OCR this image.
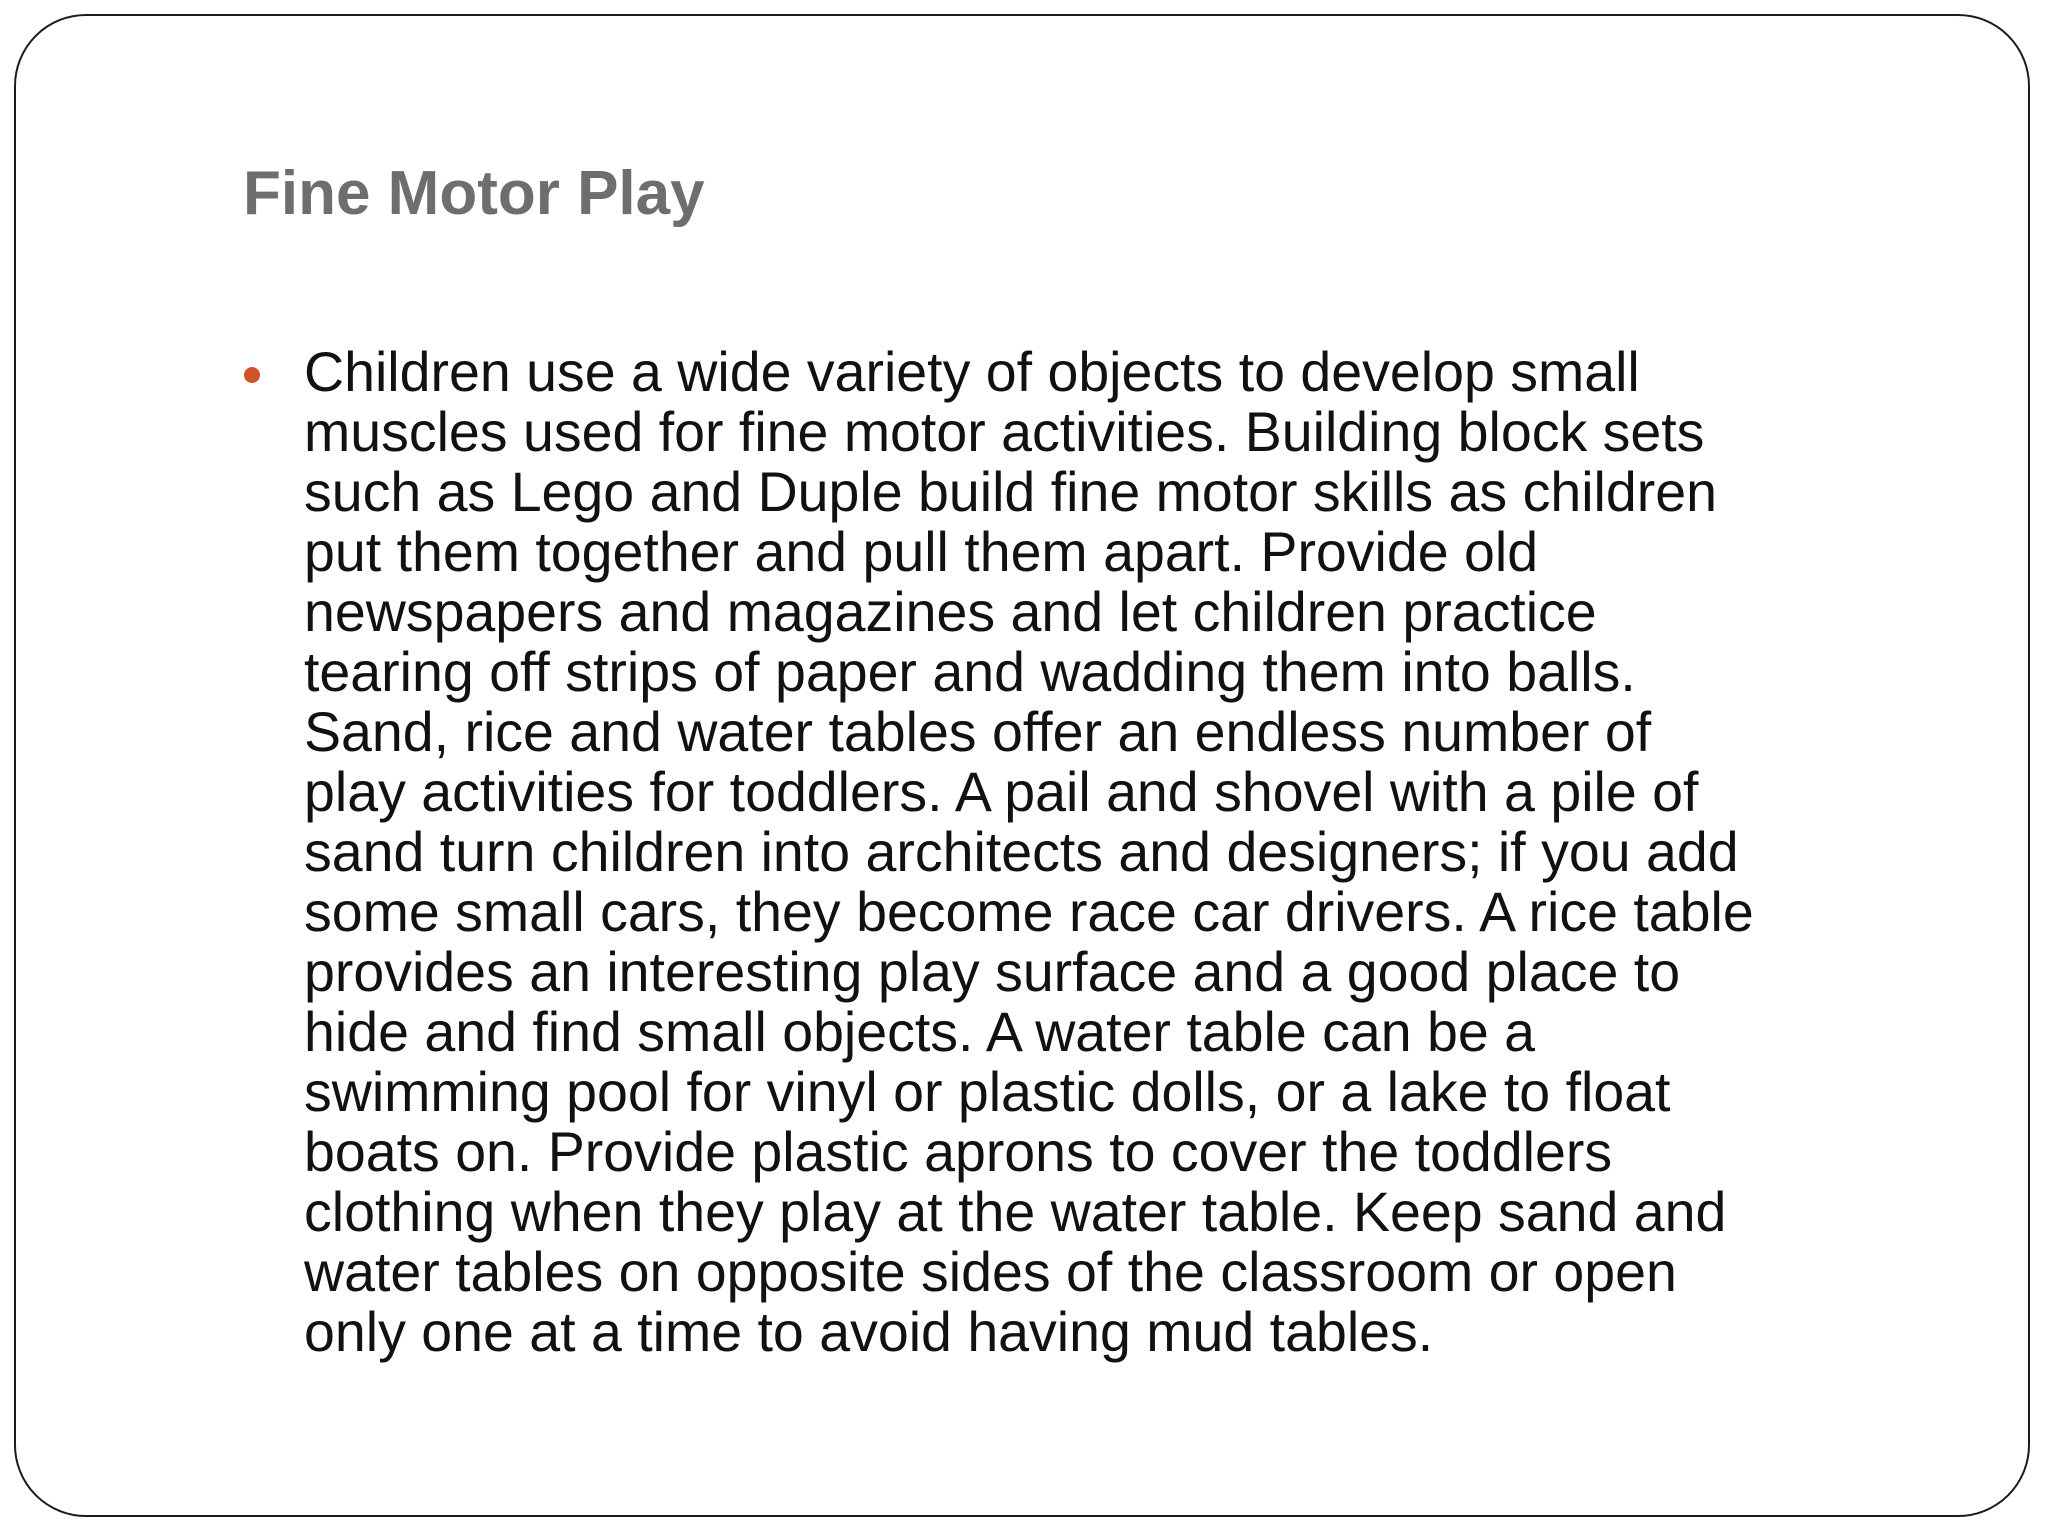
Fine Motor Play
Children use a wide variety of objects to develop small
muscles used for fine motor activities. Building block sets
such as Lego and Duple build fine motor skills as children
put them together and pull them apart. Provide old
newspapers and magazines and let children practice
tearing off strips of paper and wadding them into balls.
Sand, rice and water tables offer an endless number of
play activities for toddlers. A pail and shovel with a pile of
sand turn children into architects and designers; if you add
some small cars, they become race car drivers. A rice table
provides an interesting play surface and a good place to
hide and find small objects. A water table can be a
swimming pool for vinyl or plastic dolls, or a lake to float
boats on. Provide plastic aprons to cover the toddlers
clothing when they play at the water table. Keep sand and
water tables on opposite sides of the classroom or open
only one at a time to avoid having mud tables.
